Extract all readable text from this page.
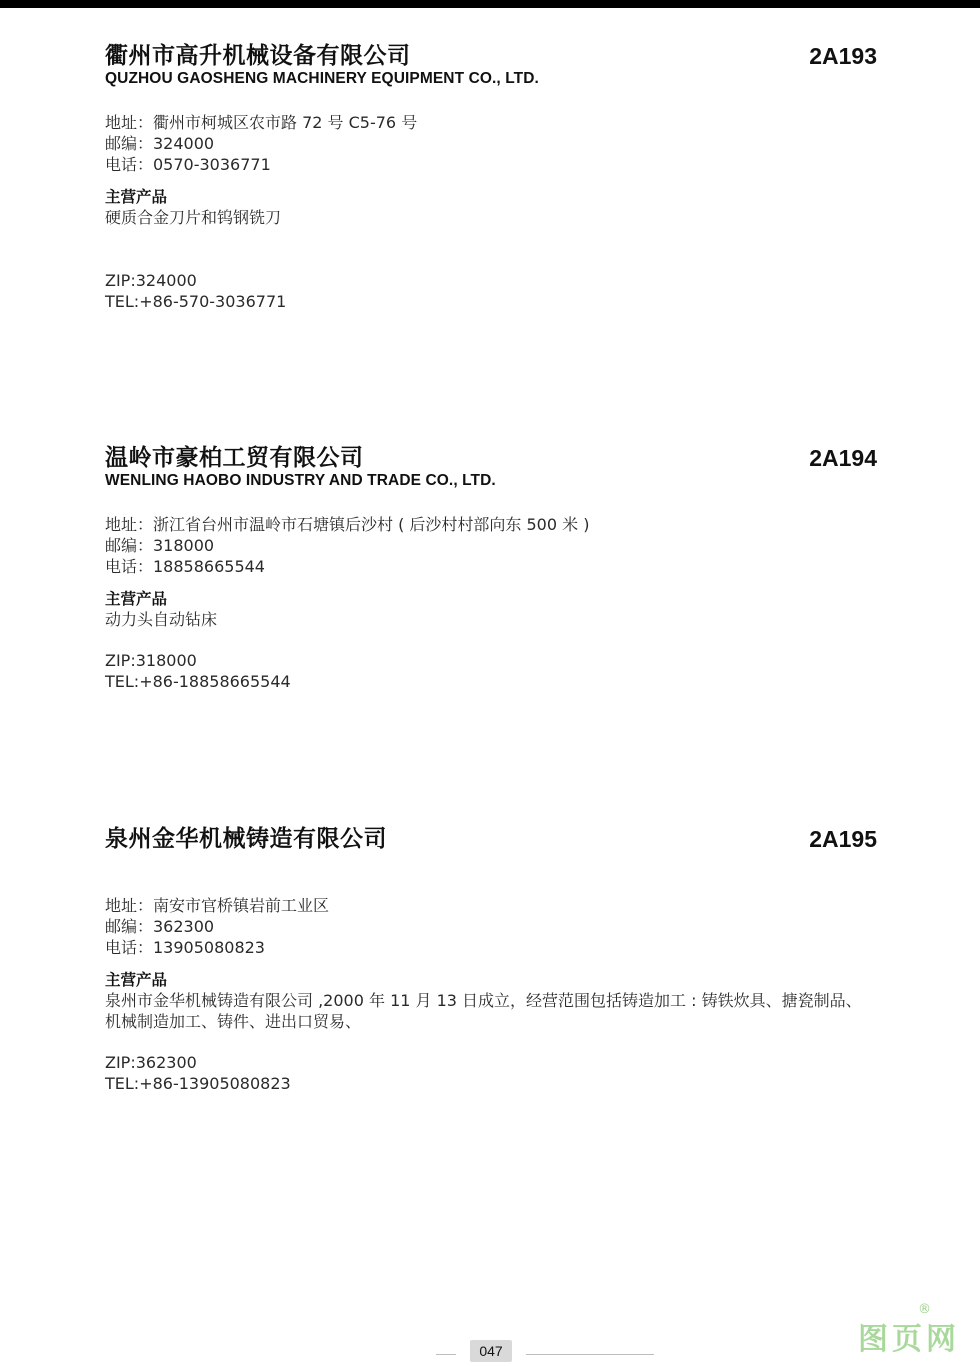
衢州市高升机械设备有限公司	2A193
QUZHOU GAOSHENG MACHINERY EQUIPMENT CO., LTD.
地址：衢州市柯城区农市路 72 号 C5-76 号
邮编：324000
电话：0570-3036771
主营产品
硬质合金刀片和钨钢铣刀
ZIP:324000
TEL:+86-570-3036771
温岭市豪柏工贸有限公司	2A194
WENLING HAOBO INDUSTRY AND TRADE CO., LTD.
地址：浙江省台州市温岭市石塘镇后沙村 ( 后沙村村部向东 500 米 )
邮编：318000
电话：18858665544
主营产品
动力头自动钻床
ZIP:318000
TEL:+86-18858665544
泉州金华机械铸造有限公司	2A195
地址：南安市官桥镇岩前工业区
邮编：362300
电话：13905080823
主营产品
泉州市金华机械铸造有限公司 ,2000 年 11 月 13 日成立，经营范围包括铸造加工 : 铸铁炊具、搪瓷制品、机械制造加工、铸件、进出口贸易、
ZIP:362300
TEL:+86-13905080823
047
®
图页网
